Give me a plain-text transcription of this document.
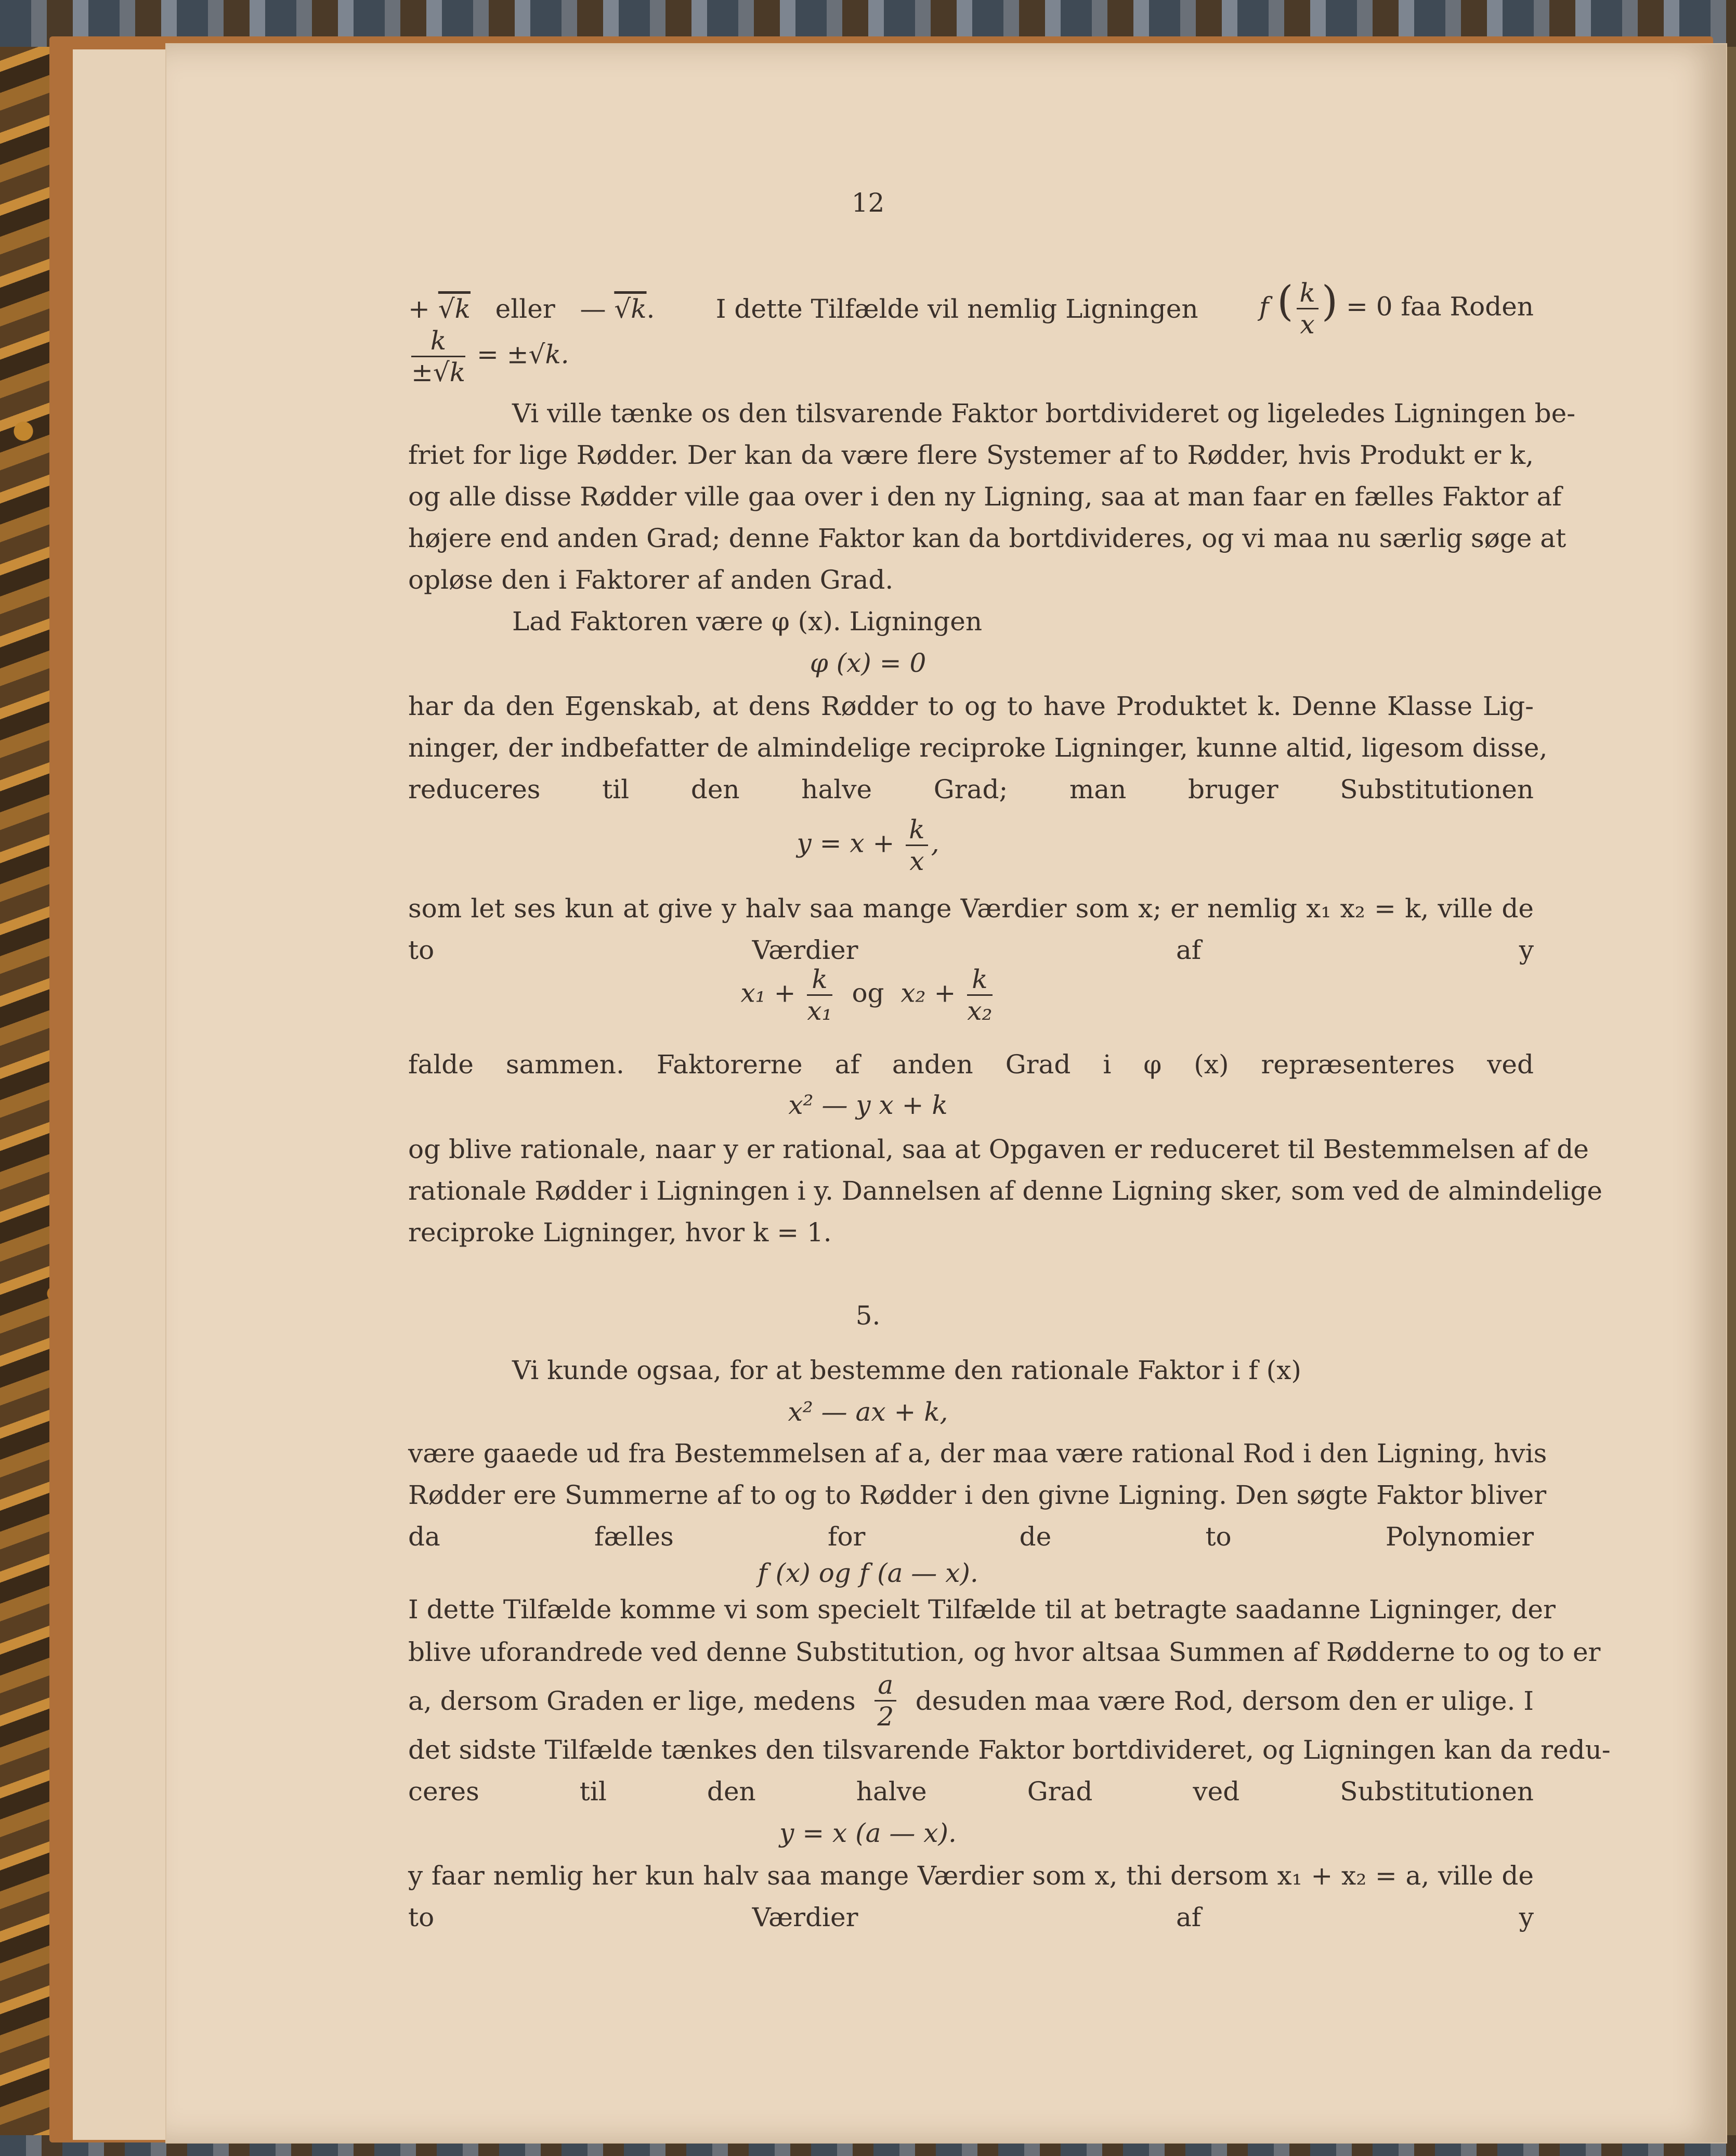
12
+ √k eller — √k. I dette Tilfælde vil nemlig Ligningen f ( $\frac{k}{x}$ ) = 0 faa Roden
$\frac{k}{\pm√k} = \pm√k$.
Vi ville tænke os den tilsvarende Faktor bortdivideret og ligeledes Ligningen be-
friet for lige Rødder. Der kan da være flere Systemer af to Rødder, hvis Produkt er k,
og alle disse Rødder ville gaa over i den ny Ligning, saa at man faar en fælles Faktor af
højere end anden Grad; denne Faktor kan da bortdivideres, og vi maa nu særlig søge at
opløse den i Faktorer af anden Grad.
Lad Faktoren være φ (x). Ligningen
φ (x) = 0
har da den Egenskab, at dens Rødder to og to have Produktet k. Denne Klasse Lig-
ninger, der indbefatter de almindelige reciproke Ligninger, kunne altid, ligesom disse,
reduceres til den halve Grad; man bruger Substitutionen
$y = x + \frac{k}{x}$ ,
som let ses kun at give y halv saa mange Værdier som x; er nemlig x₁ x₂ = k, ville de
to Værdier af y
$x_1 + \frac{k}{\text{x₁}}$ og $x_2 + \frac{k}{\text{x₂}}$
falde sammen. Faktorerne af anden Grad i φ (x) repræsenteres ved
x² — y x + k
og blive rationale, naar y er rational, saa at Opgaven er reduceret til Bestemmelsen af de
rationale Rødder i Ligningen i y. Dannelsen af denne Ligning sker, som ved de almindelige
reciproke Ligninger, hvor k = 1.
5.
Vi kunde ogsaa, for at bestemme den rationale Faktor i f (x)
x² — ax + k,
være gaaede ud fra Bestemmelsen af a, der maa være rational Rod i den Ligning, hvis
Rødder ere Summerne af to og to Rødder i den givne Ligning. Den søgte Faktor bliver
da fælles for de to Polynomier
f (x) og f (a — x).
I dette Tilfælde komme vi som specielt Tilfælde til at betragte saadanne Ligninger, der
blive uforandrede ved denne Substitution, og hvor altsaa Summen af Rødderne to og to er
a, dersom Graden er lige, medens $\frac{a}{2}$ desuden maa være Rod, dersom den er ulige. I
det sidste Tilfælde tænkes den tilsvarende Faktor bortdivideret, og Ligningen kan da redu-
ceres til den halve Grad ved Substitutionen
y = x (a — x).
y faar nemlig her kun halv saa mange Værdier som x, thi dersom x₁ + x₂ = a, ville de
to Værdier af y
